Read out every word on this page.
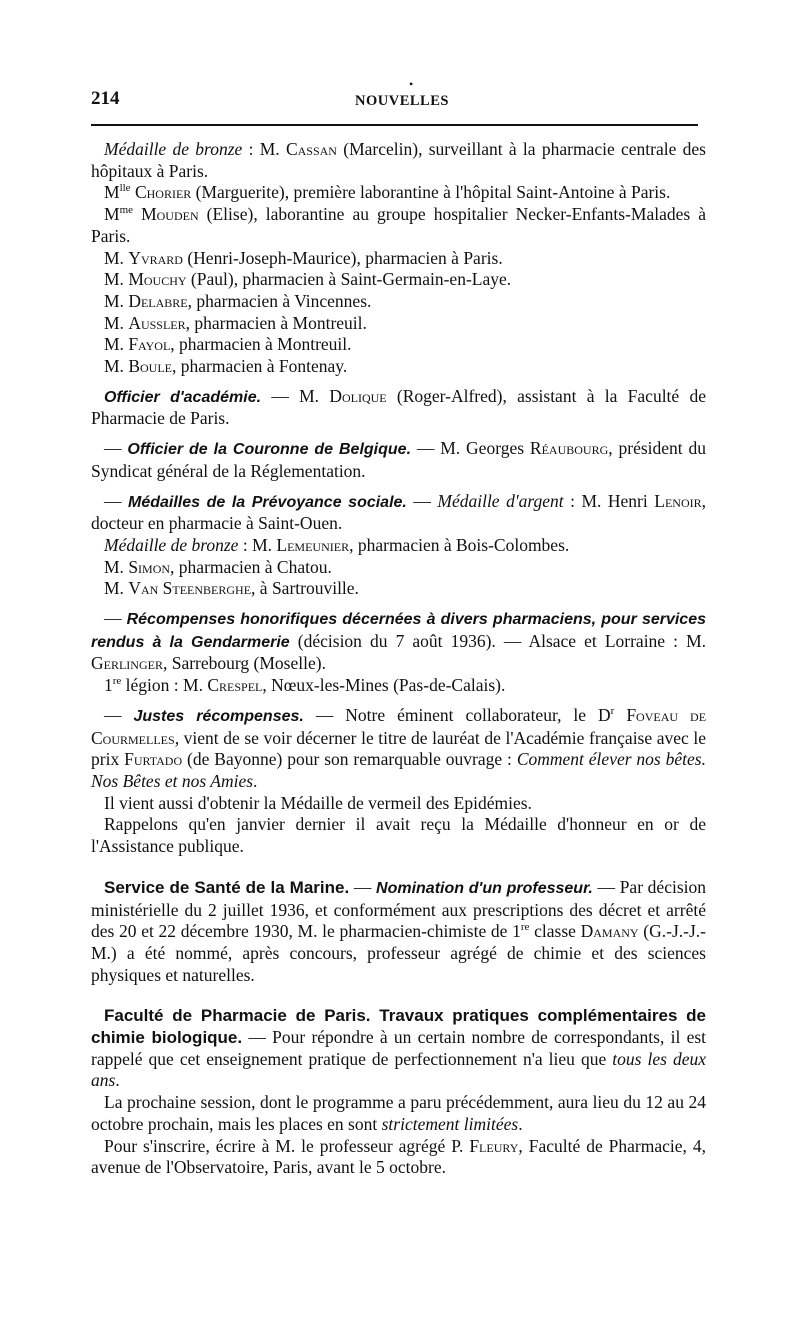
214
•
NOUVELLES

Médaille de bronze : M. Cassan (Marcelin), surveillant à la pharmacie centrale des hôpitaux à Paris.

$M^{lle}$ Chorier (Marguerite), première laborantine à l'hôpital Saint-Antoine à Paris.

$M^{me}$ Mouden (Elise), laborantine au groupe hospitalier Necker-Enfants-Malades à Paris.

M. Yvrard (Henri-Joseph-Maurice), pharmacien à Paris.

M. Mouchy (Paul), pharmacien à Saint-Germain-en-Laye.

M. Delabre, pharmacien à Vincennes.

M. Aussler, pharmacien à Montreuil.

M. Fayol, pharmacien à Montreuil.

M. Boule, pharmacien à Fontenay.

Officier d'académie. — M. Dolique (Roger-Alfred), assistant à la Faculté de Pharmacie de Paris.

— Officier de la Couronne de Belgique. — M. Georges Réaubourg, président du Syndicat général de la Réglementation.

— Médailles de la Prévoyance sociale. — Médaille d'argent : M. Henri Lenoir, docteur en pharmacie à Saint-Ouen.

Médaille de bronze : M. Lemeunier, pharmacien à Bois-Colombes.

M. Simon, pharmacien à Chatou.

M. Van Steenberghe, à Sartrouville.

— Récompenses honorifiques décernées à divers pharmaciens, pour services rendus à la Gendarmerie (décision du 7 août 1936). — Alsace et Lorraine : M. Gerlinger, Sarrebourg (Moselle).

1re légion : M. Crespel, Nœux-les-Mines (Pas-de-Calais).

— Justes récompenses. — Notre éminent collaborateur, le $D^r$ Foveau de Courmelles, vient de se voir décerner le titre de lauréat de l'Académie française avec le prix Furtado (de Bayonne) pour son remarquable ouvrage : Comment élever nos bêtes. Nos Bêtes et nos Amies.

Il vient aussi d'obtenir la Médaille de vermeil des Epidémies.

Rappelons qu'en janvier dernier il avait reçu la Médaille d'honneur en or de l'Assistance publique.

Service de Santé de la Marine. — Nomination d'un professeur. — Par décision ministérielle du 2 juillet 1936, et conformément aux prescriptions des décret et arrêté des 20 et 22 décembre 1930, M. le pharmacien-chimiste de 1re classe Damany (G.-J.-J.-M.) a été nommé, après concours, professeur agrégé de chimie et des sciences physiques et naturelles.

Faculté de Pharmacie de Paris. Travaux pratiques complémentaires de chimie biologique. — Pour répondre à un certain nombre de correspondants, il est rappelé que cet enseignement pratique de perfectionnement n'a lieu que tous les deux ans.

La prochaine session, dont le programme a paru précédemment, aura lieu du 12 au 24 octobre prochain, mais les places en sont strictement limitées.

Pour s'inscrire, écrire à M. le professeur agrégé P. Fleury, Faculté de Pharmacie, 4, avenue de l'Observatoire, Paris, avant le 5 octobre.
